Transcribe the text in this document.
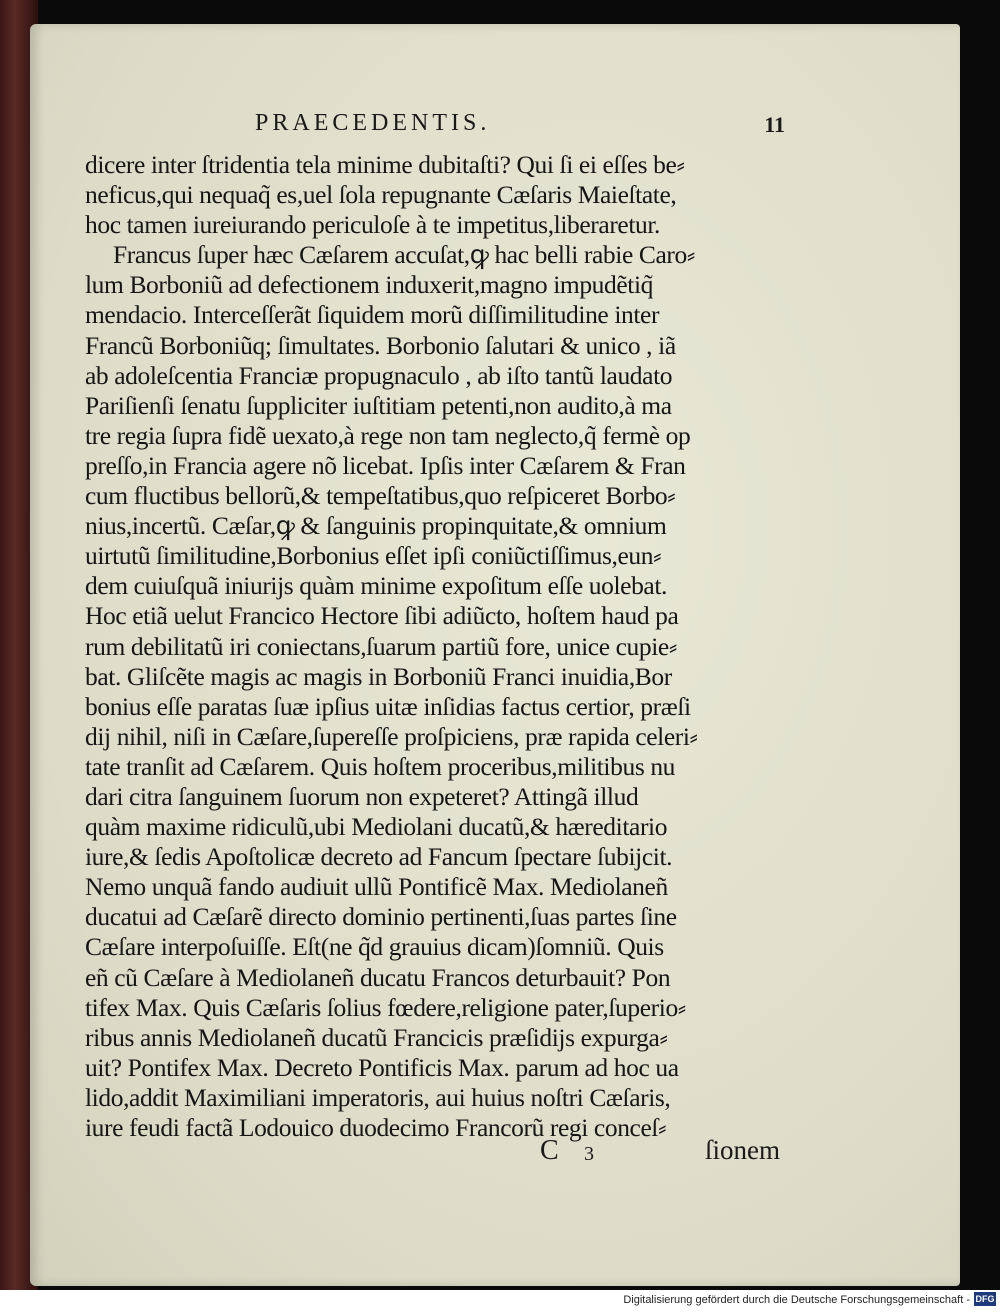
PRAECEDENTIS.	11
dicere inter ſtridentia tela minime dubitaſti? Qui ſi ei eſſes be⸗
neficus,qui nequaq̃ es,uel ſola repugnante Cæſaris Maieſtate,
hoc tamen iureiurando periculoſe à te impetitus,liberaretur.
Francus ſuper hæc Cæſarem accuſat,ꝙ hac belli rabie Caro⸗
lum Borboniũ ad defectionem induxerit,magno impudẽtiq̃
mendacio. Interceſſerãt ſiquidem morũ diſſimilitudine inter
Francũ Borboniũq; ſimultates. Borbonio ſalutari & unico , iã
ab adoleſcentia Franciæ propugnaculo , ab iſto tantũ laudato
Pariſienſi ſenatu ſuppliciter iuſtitiam petenti,non audito,à ma
tre regia ſupra fidẽ uexato,à rege non tam neglecto,q̃ fermè op
preſſo,in Francia agere nõ licebat. Ipſis inter Cæſarem & Fran
cum fluctibus bellorũ,& tempeſtatibus,quo reſpiceret Borbo⸗
nius,incertũ. Cæſar,ꝙ & ſanguinis propinquitate,& omnium
uirtutũ ſimilitudine,Borbonius eſſet ipſi coniũctiſſimus,eun⸗
dem cuiuſquã iniurijs quàm minime expoſitum eſſe uolebat.
Hoc etiã uelut Francico Hectore ſibi adiũcto, hoſtem haud pa
rum debilitatũ iri coniectans,ſuarum partiũ fore, unice cupie⸗
bat. Gliſcẽte magis ac magis in Borboniũ Franci inuidia,Bor
bonius eſſe paratas ſuæ ipſius uitæ inſidias factus certior, præſi
dij nihil, niſi in Cæſare,ſupereſſe proſpiciens, præ rapida celeri⸗
tate tranſit ad Cæſarem. Quis hoſtem proceribus,militibus nu
dari citra ſanguinem ſuorum non expeteret? Attingã illud
quàm maxime ridiculũ,ubi Mediolani ducatũ,& hæreditario
iure,& ſedis Apoſtolicæ decreto ad Fancum ſpectare ſubijcit.
Nemo unquã fando audiuit ullũ Pontificẽ Max. Mediolaneñ
ducatui ad Cæſarẽ directo dominio pertinenti,ſuas partes ſine
Cæſare interpoſuiſſe. Eſt(ne q̃d grauius dicam)ſomniũ. Quis
eñ cũ Cæſare à Mediolaneñ ducatu Francos deturbauit? Pon
tifex Max. Quis Cæſaris ſolius fœdere,religione pater,ſuperio⸗
ribus annis Mediolaneñ ducatũ Francicis præſidijs expurga⸗
uit? Pontifex Max. Decreto Pontificis Max. parum ad hoc ua
lido,addit Maximiliani imperatoris, aui huius noſtri Cæſaris,
iure feudi factã Lodouico duodecimo Francorũ regi conceſ⸗
C 3	ſionem
Digitalisierung gefördert durch die Deutsche Forschungsgemeinschaft - DFG
